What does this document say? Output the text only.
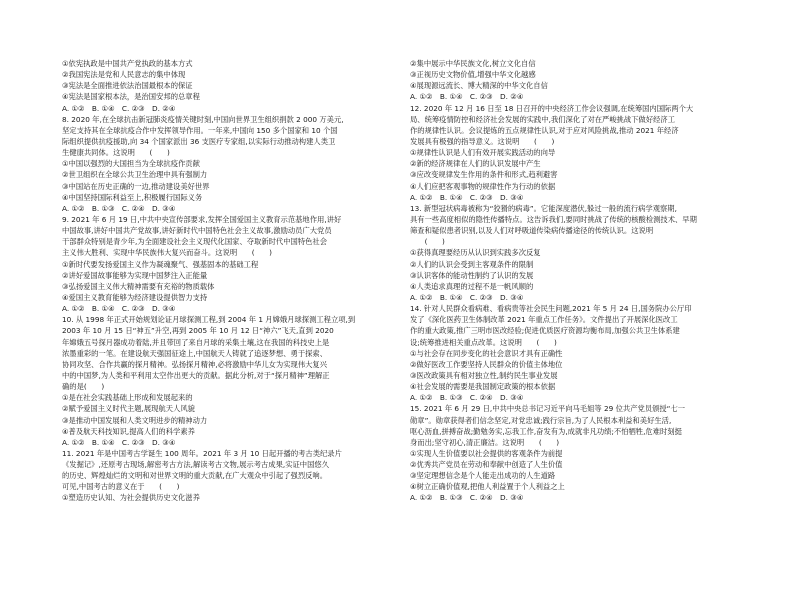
①依宪执政是中国共产党执政的基本方式
②我国宪法是党和人民意志的集中体现
③宪法是全面推进依法治国最根本的保证
④宪法是国家根本法，是治国安邦的总章程
A. ①②　B. ①④　C. ②③　D. ②④
8. 2020 年,在全球抗击新冠肺炎疫情关键时刻,中国向世界卫生组织捐款 2 000 万美元,
坚定支持其在全球抗疫合作中发挥领导作用。一年来,中国向 150 多个国家和 10 个国
际组织提供抗疫援助,向 34 个国家派出 36 支医疗专家组,以实际行动推动构建人类卫
生健康共同体。这说明　　(　　)
①中国以强烈的大国担当为全球抗疫作贡献
②世卫组织在全球公共卫生治理中具有强制力
③中国站在历史正确的一边,推动建设美好世界
④中国坚持国际利益至上,积极履行国际义务
A. ①②　B. ①③　C. ②④　D. ③④
9. 2021 年 6 月 19 日,中共中央宣传部要求,发挥全国爱国主义教育示范基地作用,讲好
中国故事,讲好中国共产党故事,讲好新时代中国特色社会主义故事,激励动员广大党员
干部群众特别是青少年,为全面建设社会主义现代化国家、夺取新时代中国特色社会
主义伟大胜利、实现中华民族伟大复兴而奋斗。这说明　　(　　)
①新时代要发扬爱国主义作为凝魂聚气、强基固本的基础工程
②讲好爱国故事能够为实现中国梦注入正能量
③弘扬爱国主义伟大精神需要有充裕的物质载体
④爱国主义教育能够为经济建设提供智力支持
A. ①②　B. ①④　C. ②③　D. ③④
10. 从 1998 年正式开始规划论证月球探测工程,到 2004 年 1 月嫦娥月球探测工程立项,到
2003 年 10 月 15 日“神五”升空,再到 2005 年 10 月 12 日“神六”飞天,直到 2020
年嫦娥五号探月器成功着陆,并且带回了来自月球的采集土壤,这在我国的科技史上是
浓墨重彩的一笔。在建设航天强国征途上,中国航天人铸就了追逐梦想、勇于探索、
协同攻坚、合作共赢的探月精神。弘扬探月精神,必将激励中华儿女为实现伟大复兴
中的中国梦,为人类和平利用太空作出更大的贡献。据此分析,对于“探月精神”理解正
确的是(　　)
①是在社会实践基础上形成和发展起来的
②赋予爱国主义时代主题,展现航天人风貌
③是推动中国发展和人类文明进步的精神动力
④普及航天科技知识,提高人们的科学素养
A. ①②　B. ①④　C. ②③　D. ③④
11. 2021 年是中国考古学诞生 100 周年。2021 年 3 月 10 日起开播的考古类纪录片
《发掘记》,还原考古现场,解密考古方法,解读考古文物,展示考古成果,实证中国悠久
的历史、辉煌灿烂的文明和对世界文明的重大贡献,在广大观众中引起了强烈反响。
可见,中国考古的意义在于　　(　　)
①塑造历史认知、为社会提供历史文化滋养
②集中展示中华民族文化,树立文化自信
③正视历史文物价值,增强中华文化越感
④展现源远流长、博大精深的中华文化自信
A. ①②　B. ①④　C. ②③　D. ②④
12. 2020 年 12 月 16 日至 18 日召开的中央经济工作会议强调,在统筹国内国际两个大
局、统筹疫情防控和经济社会发展的实践中,我们深化了对在严峻挑战下做好经济工
作的规律性认识。会议提炼的五点规律性认识,对于应对风险挑战,推动 2021 年经济
发展具有极强的指导意义。这说明　　(　　)
①规律性认识是人们有效开展实践活动的向导
②新的经济规律在人们的认识发展中产生
③应改变规律发生作用的条件和形式,趋利避害
④人们应把客观事物的规律性作为行动的依据
A. ①②　B. ①④　C. ②③　D. ③④
13. 新型冠状病毒被称为“狡猾的病毒”。它能深度潜伏,躲过一般的流行病学观察期,
具有一些高度相似的隐性传播特点。这告诉我们,要同时挑战了传统的核酸检测技术、早期
筛查和疑似患者识别,以及人们对呼吸道传染病传播途径的传统认识。这说明
　　(　　)
①获得真理要经历从认识到实践多次反复
②人们的认识会受到主客观条件的限制
③认识客体的能动性制约了认识的发展
④人类追求真理的过程不是一帆风顺的
A. ①②　B. ①④　C. ②③　D. ③④
14. 针对人民群众看病难、看病贵等社会民生问题,2021 年 5 月 24 日,国务院办公厅印
发了《深化医药卫生体制改革 2021 年重点工作任务》。文件提出了开展深化医改工
作的重大政策,推广三明市医改经验;促进优质医疗资源均衡布局,加强公共卫生体系建
设;统筹推进相关重点改革。这说明　　(　　)
①与社会存在同步变化的社会意识才具有正确性
②做好医改工作要坚持人民群众的价值主体地位
③医改政策具有相对独立性,制约民生事业发展
④社会发展的需要是我国制定政策的根本依据
A. ①②　B. ①③　C. ②④　D. ③④
15. 2021 年 6 月 29 日,中共中央总书记习近平向马毛姐等 29 位共产党员颁授“七一
勋章”。勋章获得者们信念坚定,对党忠诚;践行宗旨,为了人民根本利益和美好生活,
呕心沥血,拼搏奋战;勤勉务实,忘我工作,奋发有为,成就非凡功绩;不怕牺牲,危难时刻挺
身而出;坚守初心,清正廉洁。这说明　　(　　)
①实现人生价值要以社会提供的客观条件为前提
②优秀共产党员在劳动和奉献中创造了人生价值
③坚定理想信念是个人能走出成功的人生道路
④树立正确价值观,把他人利益置于个人利益之上
A. ①②　B. ①③　C. ②④　D. ③④
